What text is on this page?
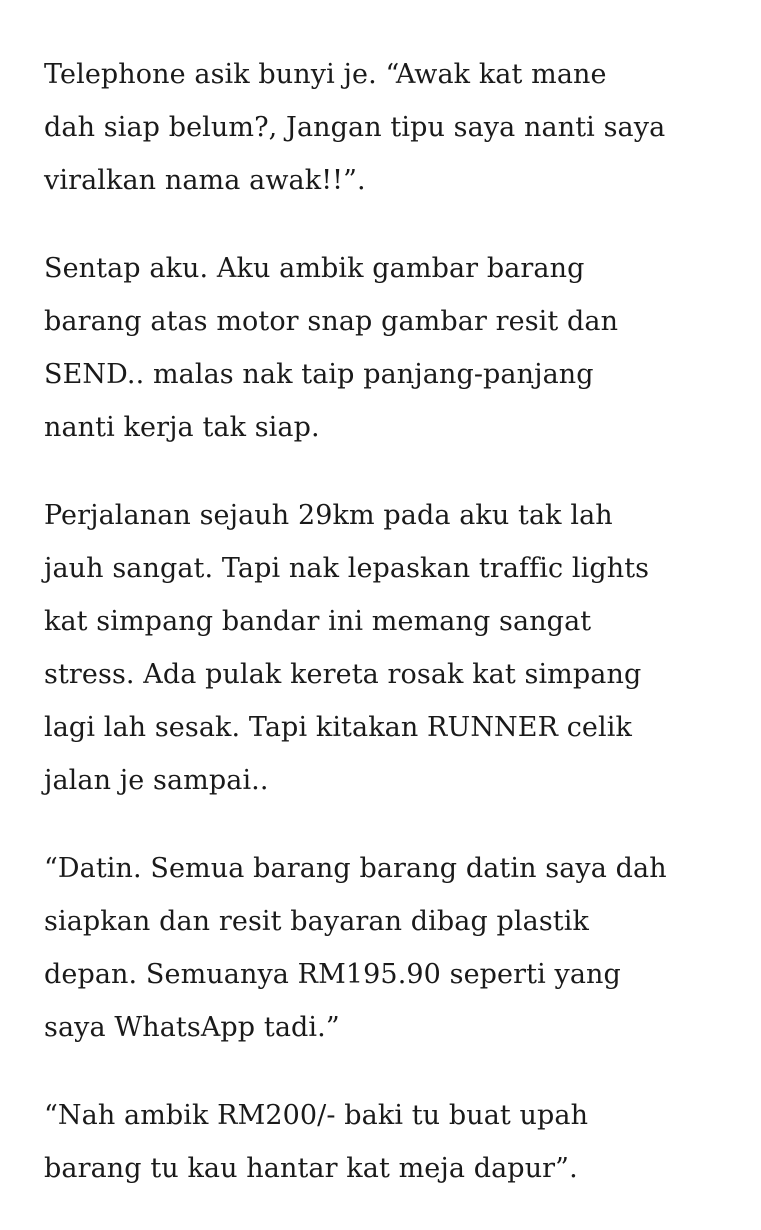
Telephone asik bunyi je. “Awak kat mane
dah siap belum?, Jangan tipu saya nanti saya
viralkan nama awak!!”.
Sentap aku. Aku ambik gambar barang
barang atas motor snap gambar resit dan
SEND.. malas nak taip panjang-panjang
nanti kerja tak siap.
Perjalanan sejauh 29km pada aku tak lah
jauh sangat. Tapi nak lepaskan traffic lights
kat simpang bandar ini memang sangat
stress. Ada pulak kereta rosak kat simpang
lagi lah sesak. Tapi kitakan RUNNER celik
jalan je sampai..
“Datin. Semua barang barang datin saya dah
siapkan dan resit bayaran dibag plastik
depan. Semuanya RM195.90 seperti yang
saya WhatsApp tadi.”
“Nah ambik RM200/- baki tu buat upah
barang tu kau hantar kat meja dapur”.
